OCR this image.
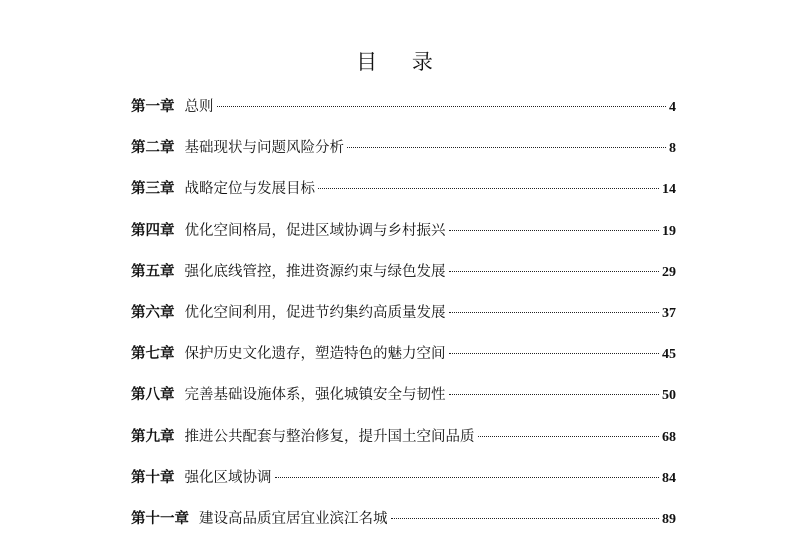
目 录
第一章 总则	4
第二章 基础现状与问题风险分析	8
第三章 战略定位与发展目标	14
第四章 优化空间格局，促进区域协调与乡村振兴	19
第五章 强化底线管控，推进资源约束与绿色发展	29
第六章 优化空间利用，促进节约集约高质量发展	37
第七章 保护历史文化遗存，塑造特色的魅力空间	45
第八章 完善基础设施体系，强化城镇安全与韧性	50
第九章 推进公共配套与整治修复，提升国土空间品质	68
第十章 强化区域协调	84
第十一章 建设高品质宜居宜业滨江名城	89
